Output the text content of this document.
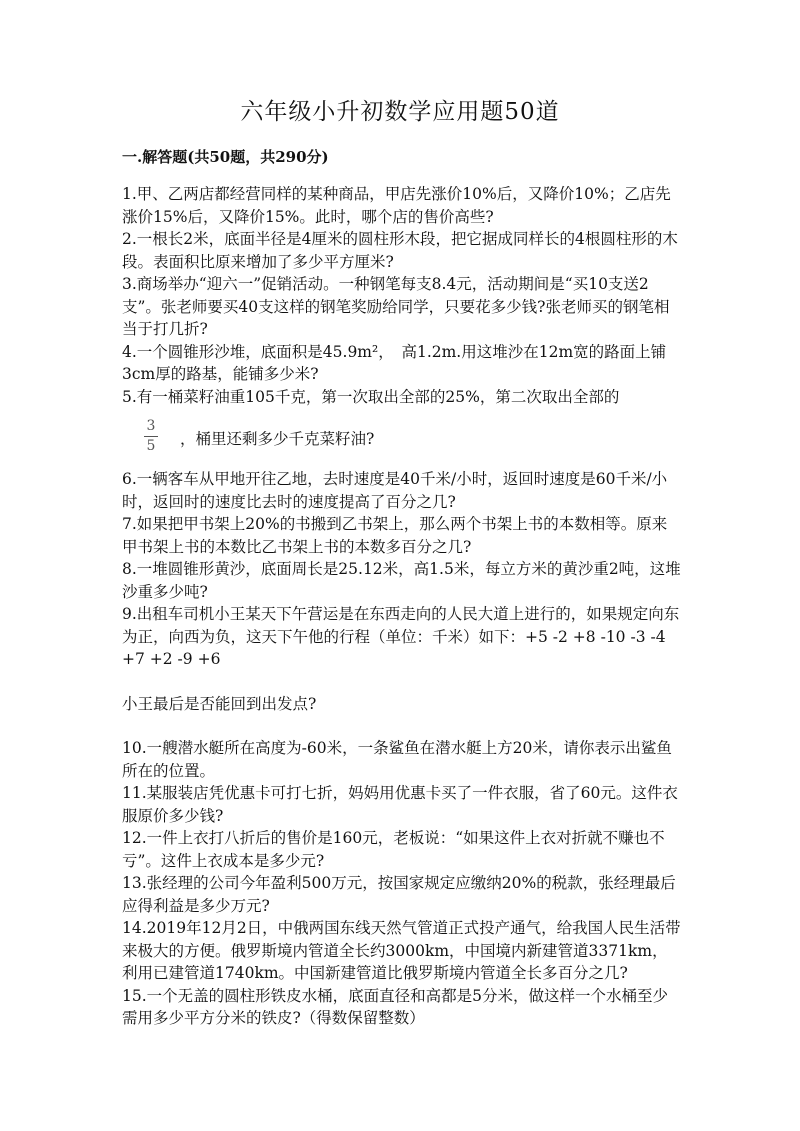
六年级小升初数学应用题50道
一.解答题(共50题，共290分)

1.甲、乙两店都经营同样的某种商品，甲店先涨价10%后，又降价10%；乙店先涨价15%后，又降价15%。此时，哪个店的售价高些?

2.一根长2米，底面半径是4厘米的圆柱形木段，把它据成同样长的4根圆柱形的木段。表面积比原来增加了多少平方厘米?

3.商场举办“迎六一”促销活动。一种钢笔每支8.4元，活动期间是“买10支送2支”。张老师要买40支这样的钢笔奖励给同学，只要花多少钱?张老师买的钢笔相当于打几折?

4.一个圆锥形沙堆，底面积是45.9m²，　高1.2m.用这堆沙在12m宽的路面上铺3cm厚的路基，能铺多少米?

5.有一桶菜籽油重105千克，第一次取出全部的25%，第二次取出全部的

3
5 ，桶里还剩多少千克菜籽油?

6.一辆客车从甲地开往乙地，去时速度是40千米/小时，返回时速度是60千米/小时，返回时的速度比去时的速度提高了百分之几?

7.如果把甲书架上20%的书搬到乙书架上，那么两个书架上书的本数相等。原来甲书架上书的本数比乙书架上书的本数多百分之几?

8.一堆圆锥形黄沙，底面周长是25.12米，高1.5米，每立方米的黄沙重2吨，这堆沙重多少吨?

9.出租车司机小王某天下午营运是在东西走向的人民大道上进行的，如果规定向东为正，向西为负，这天下午他的行程（单位：千米）如下：+5 -2 +8 -10 -3 -4 +7 +2 -9 +6

小王最后是否能回到出发点?

10.一艘潜水艇所在高度为-60米，一条鲨鱼在潜水艇上方20米，请你表示出鲨鱼所在的位置。

11.某服装店凭优惠卡可打七折，妈妈用优惠卡买了一件衣服，省了60元。这件衣服原价多少钱?

12.一件上衣打八折后的售价是160元，老板说：“如果这件上衣对折就不赚也不亏”。这件上衣成本是多少元?

13.张经理的公司今年盈利500万元，按国家规定应缴纳20%的税款，张经理最后应得利益是多少万元?

14.2019年12月2日，中俄两国东线天然气管道正式投产通气，给我国人民生活带来极大的方便。俄罗斯境内管道全长约3000km，中国境内新建管道3371km，利用已建管道1740km。中国新建管道比俄罗斯境内管道全长多百分之几?

15.一个无盖的圆柱形铁皮水桶，底面直径和高都是5分米，做这样一个水桶至少需用多少平方分米的铁皮?（得数保留整数）
